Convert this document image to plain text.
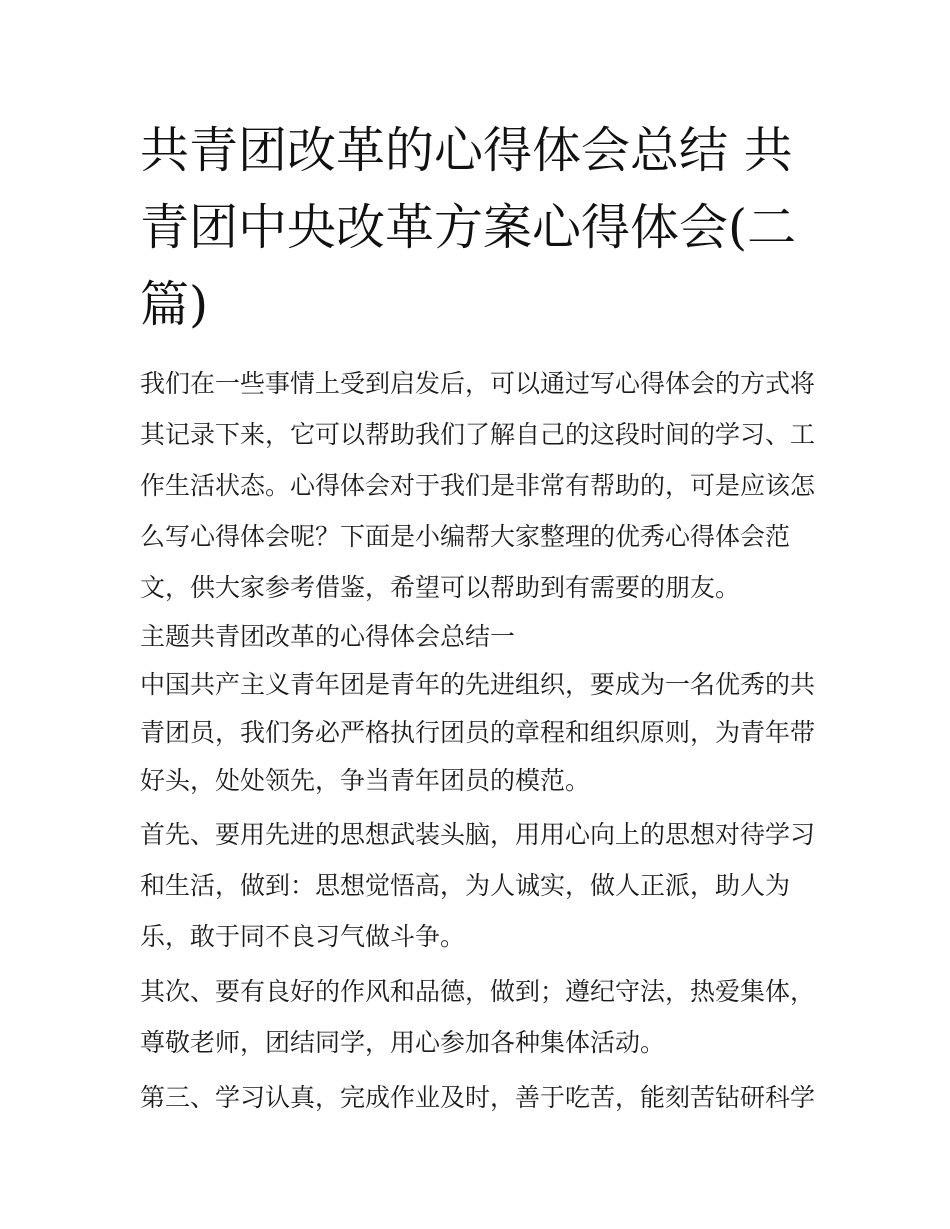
共青团改革的心得体会总结 共青团中央改革方案心得体会(二篇)

我们在一些事情上受到启发后，可以通过写心得体会的方式将其记录下来，它可以帮助我们了解自己的这段时间的学习、工作生活状态。心得体会对于我们是非常有帮助的，可是应该怎么写心得体会呢？下面是小编帮大家整理的优秀心得体会范文，供大家参考借鉴，希望可以帮助到有需要的朋友。

主题共青团改革的心得体会总结一

中国共产主义青年团是青年的先进组织，要成为一名优秀的共青团员，我们务必严格执行团员的章程和组织原则，为青年带好头，处处领先，争当青年团员的模范。

首先、要用先进的思想武装头脑，用用心向上的思想对待学习和生活，做到：思想觉悟高，为人诚实，做人正派，助人为乐，敢于同不良习气做斗争。

其次、要有良好的作风和品德，做到；遵纪守法，热爱集体，尊敬老师，团结同学，用心参加各种集体活动。

第三、学习认真，完成作业及时，善于吃苦，能刻苦钻研科学
